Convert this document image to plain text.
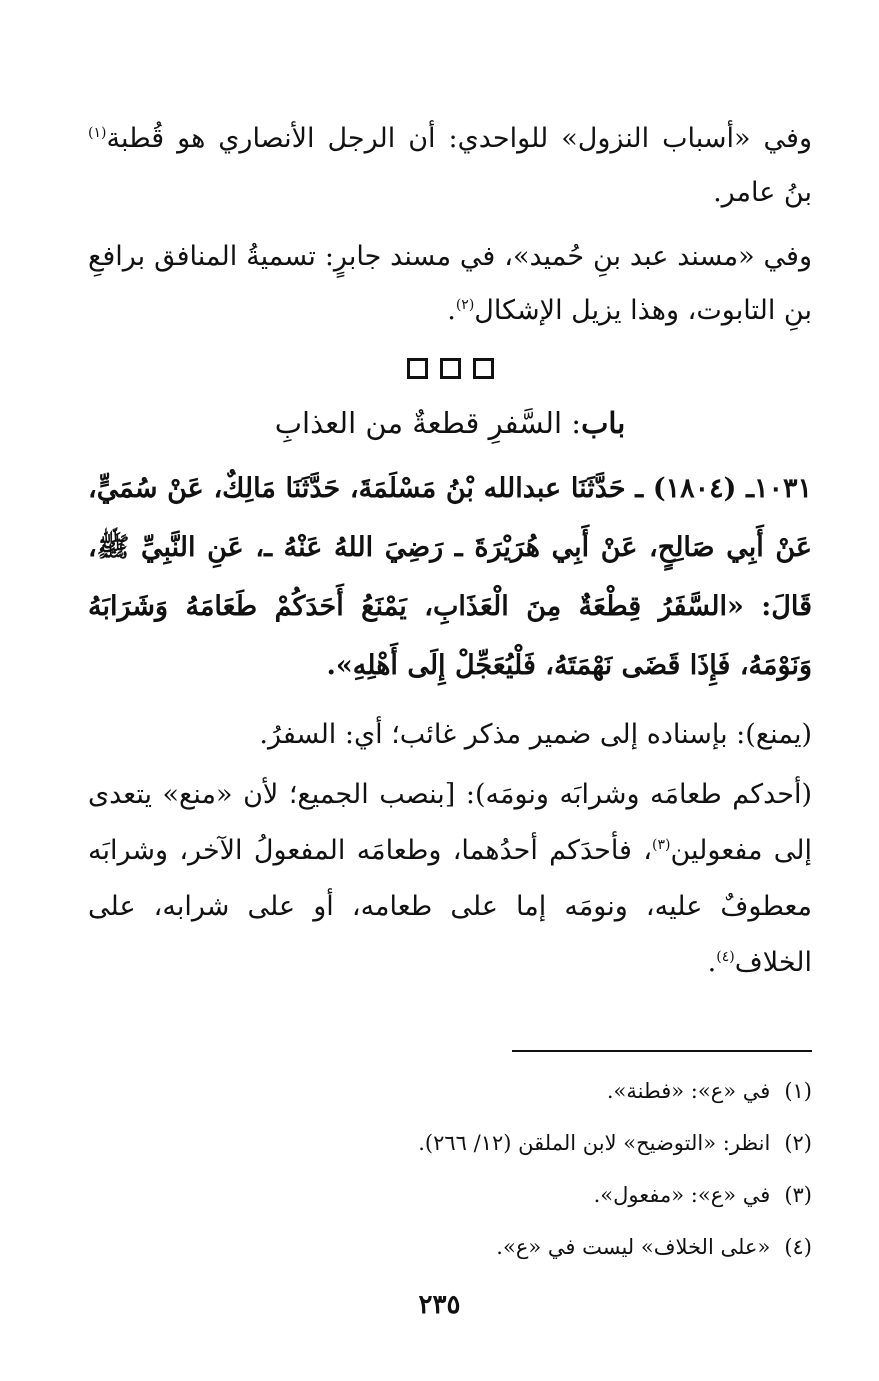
وفي «أسباب النزول» للواحدي: أن الرجل الأنصاري هو قُطبة$^{(١)}$ بنُ عامر.

وفي «مسند عبد بنِ حُميد»، في مسند جابرٍ: تسميةُ المنافق برافعِ بنِ التابوت، وهذا يزيل الإشكال$^{(٢)}$.

باب: السَّفرِ قطعةٌ من العذابِ

١٠٣١ـ (١٨٠٤) ـ حَدَّثَنَا عبدالله بْنُ مَسْلَمَةَ، حَدَّثَنَا مَالِكٌ، عَنْ سُمَيٍّ، عَنْ أَبِي صَالِحٍ، عَنْ أَبِي هُرَيْرَةَ ـ رَضِيَ اللهُ عَنْهُ ـ، عَنِ النَّبِيِّ ﷺ، قَالَ: «السَّفَرُ قِطْعَةٌ مِنَ الْعَذَابِ، يَمْنَعُ أَحَدَكُمْ طَعَامَهُ وَشَرَابَهُ وَنَوْمَهُ، فَإِذَا قَضَى نَهْمَتَهُ، فَلْيُعَجِّلْ إِلَى أَهْلِهِ».

(يمنع): بإسناده إلى ضمير مذكر غائب؛ أي: السفرُ.

(أحدكم طعامَه وشرابَه ونومَه): [بنصب الجميع؛ لأن «منع» يتعدى إلى مفعولين$^{(٣)}$، فأحدَكم أحدُهما، وطعامَه المفعولُ الآخر، وشرابَه معطوفٌ عليه، ونومَه إما على طعامه، أو على شرابه، على الخلاف$^{(٤)}$.

(١)في «ع»: «فطنة».

(٢)انظر: «التوضيح» لابن الملقن (١٢/ ٢٦٦).

(٣)في «ع»: «مفعول».

(٤)«على الخلاف» ليست في «ع».

٢٣٥
